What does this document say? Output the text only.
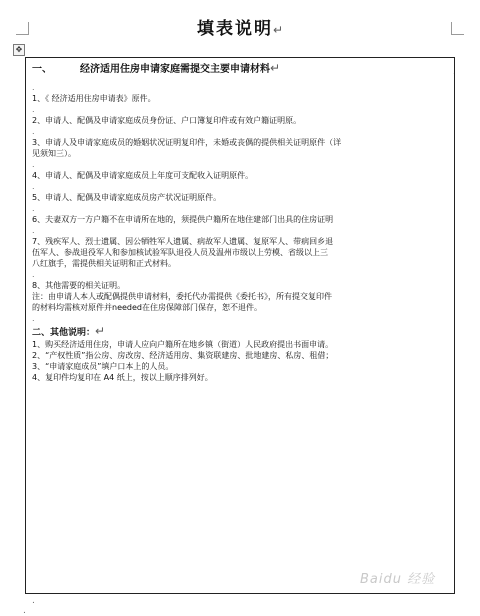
填表说明↵
✥
.
一、	经济适用住房申请家庭需提交主要申请材料↵
.
1、《 经济适用住房申请表》原件。
.
2、申请人、配偶及申请家庭成员身份证、户口簿复印件或有效户籍证明原。
.
3、申请人及申请家庭成员的婚姻状况证明复印件，未婚或丧偶的提供相关证明原件（详
见须知三）。
.
4、申请人、配偶及申请家庭成员上年度可支配收入证明原件。
.
5、申请人、配偶及申请家庭成员房产状况证明原件。
.
6、夫妻双方一方户籍不在申请所在地的，须提供户籍所在地住建部门出具的住房证明
.
7、残疾军人、烈士遗属、因公牺牲军人遗属、病故军人遗属、复原军人、带病回乡退
伍军人、参战退役军人和参加核试验军队退役人员及温州市级以上劳模、省级以上三
八红旗手，需提供相关证明和正式材料。
.
8、其他需要的相关证明。
注：由申请人本人或配偶提供申请材料，委托代办需提供《委托书》，所有提交复印件
的材料均需核对原件并needed在住房保障部门保存，恕不退件。
.
二、其他说明：↵
1、购买经济适用住房，申请人应向户籍所在地乡镇（街道）人民政府提出书面申请。
2、“产权性质”指公房、房改房、经济适用房、集资联建房、批地建房、私房、租借；
3、“申请家庭成员”填户口本上的人员。
4、复印件均复印在 A4 纸上，按以上顺序排列好。
Baidu 经验
.
.
